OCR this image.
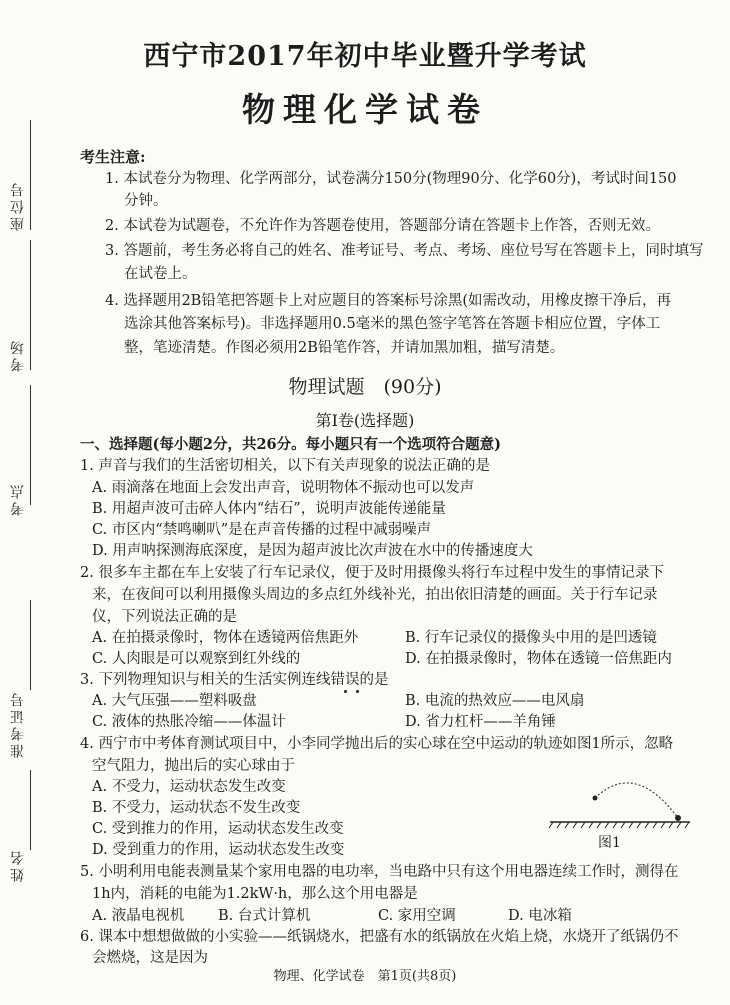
西宁市2017年初中毕业暨升学考试
物理化学试卷
座位号
考场
考点
准考证号
姓名
考生注意:
1. 本试卷分为物理、化学两部分，试卷满分150分(物理90分、化学60分)，考试时间150
分钟。
2. 本试卷为试题卷，不允许作为答题卷使用，答题部分请在答题卡上作答，否则无效。
3. 答题前，考生务必将自己的姓名、准考证号、考点、考场、座位号写在答题卡上，同时填写
在试卷上。
4. 选择题用2B铅笔把答题卡上对应题目的答案标号涂黑(如需改动，用橡皮擦干净后，再
选涂其他答案标号)。非选择题用0.5毫米的黑色签字笔答在答题卡相应位置，字体工
整，笔迹清楚。作图必须用2B铅笔作答，并请加黑加粗，描写清楚。
物理试题　(90分)
第Ⅰ卷(选择题)
一、选择题(每小题2分，共26分。每小题只有一个选项符合题意)
1. 声音与我们的生活密切相关，以下有关声现象的说法正确的是
A. 雨滴落在地面上会发出声音，说明物体不振动也可以发声
B. 用超声波可击碎人体内“结石”，说明声波能传递能量
C. 市区内“禁鸣喇叭”是在声音传播的过程中减弱噪声
D. 用声呐探测海底深度，是因为超声波比次声波在水中的传播速度大
2. 很多车主都在车上安装了行车记录仪，便于及时用摄像头将行车过程中发生的事情记录下
来，在夜间可以利用摄像头周边的多点红外线补光，拍出依旧清楚的画面。关于行车记录
仪，下列说法正确的是
A. 在拍摄录像时，物体在透镜两倍焦距外	B. 行车记录仪的摄像头中用的是凹透镜
C. 人肉眼是可以观察到红外线的	D. 在拍摄录像时，物体在透镜一倍焦距内
3. 下列物理知识与相关的生活实例连线错误的是
A. 大气压强——塑料吸盘	B. 电流的热效应——电风扇
C. 液体的热胀冷缩——体温计	D. 省力杠杆——羊角锤
4. 西宁市中考体育测试项目中，小李同学抛出后的实心球在空中运动的轨迹如图1所示，忽略
空气阻力，抛出后的实心球由于
A. 不受力，运动状态发生改变
B. 不受力，运动状态不发生改变
C. 受到推力的作用，运动状态发生改变
D. 受到重力的作用，运动状态发生改变	图1
5. 小明利用电能表测量某个家用电器的电功率，当电路中只有这个用电器连续工作时，测得在
1h内，消耗的电能为1.2kW·h，那么这个用电器是
A. 液晶电视机 B. 台式计算机	C. 家用空调	D. 电冰箱
6. 课本中想想做做的小实验——纸锅烧水，把盛有水的纸锅放在火焰上烧，水烧开了纸锅仍不
会燃烧，这是因为
物理、化学试卷　第1页(共8页)
